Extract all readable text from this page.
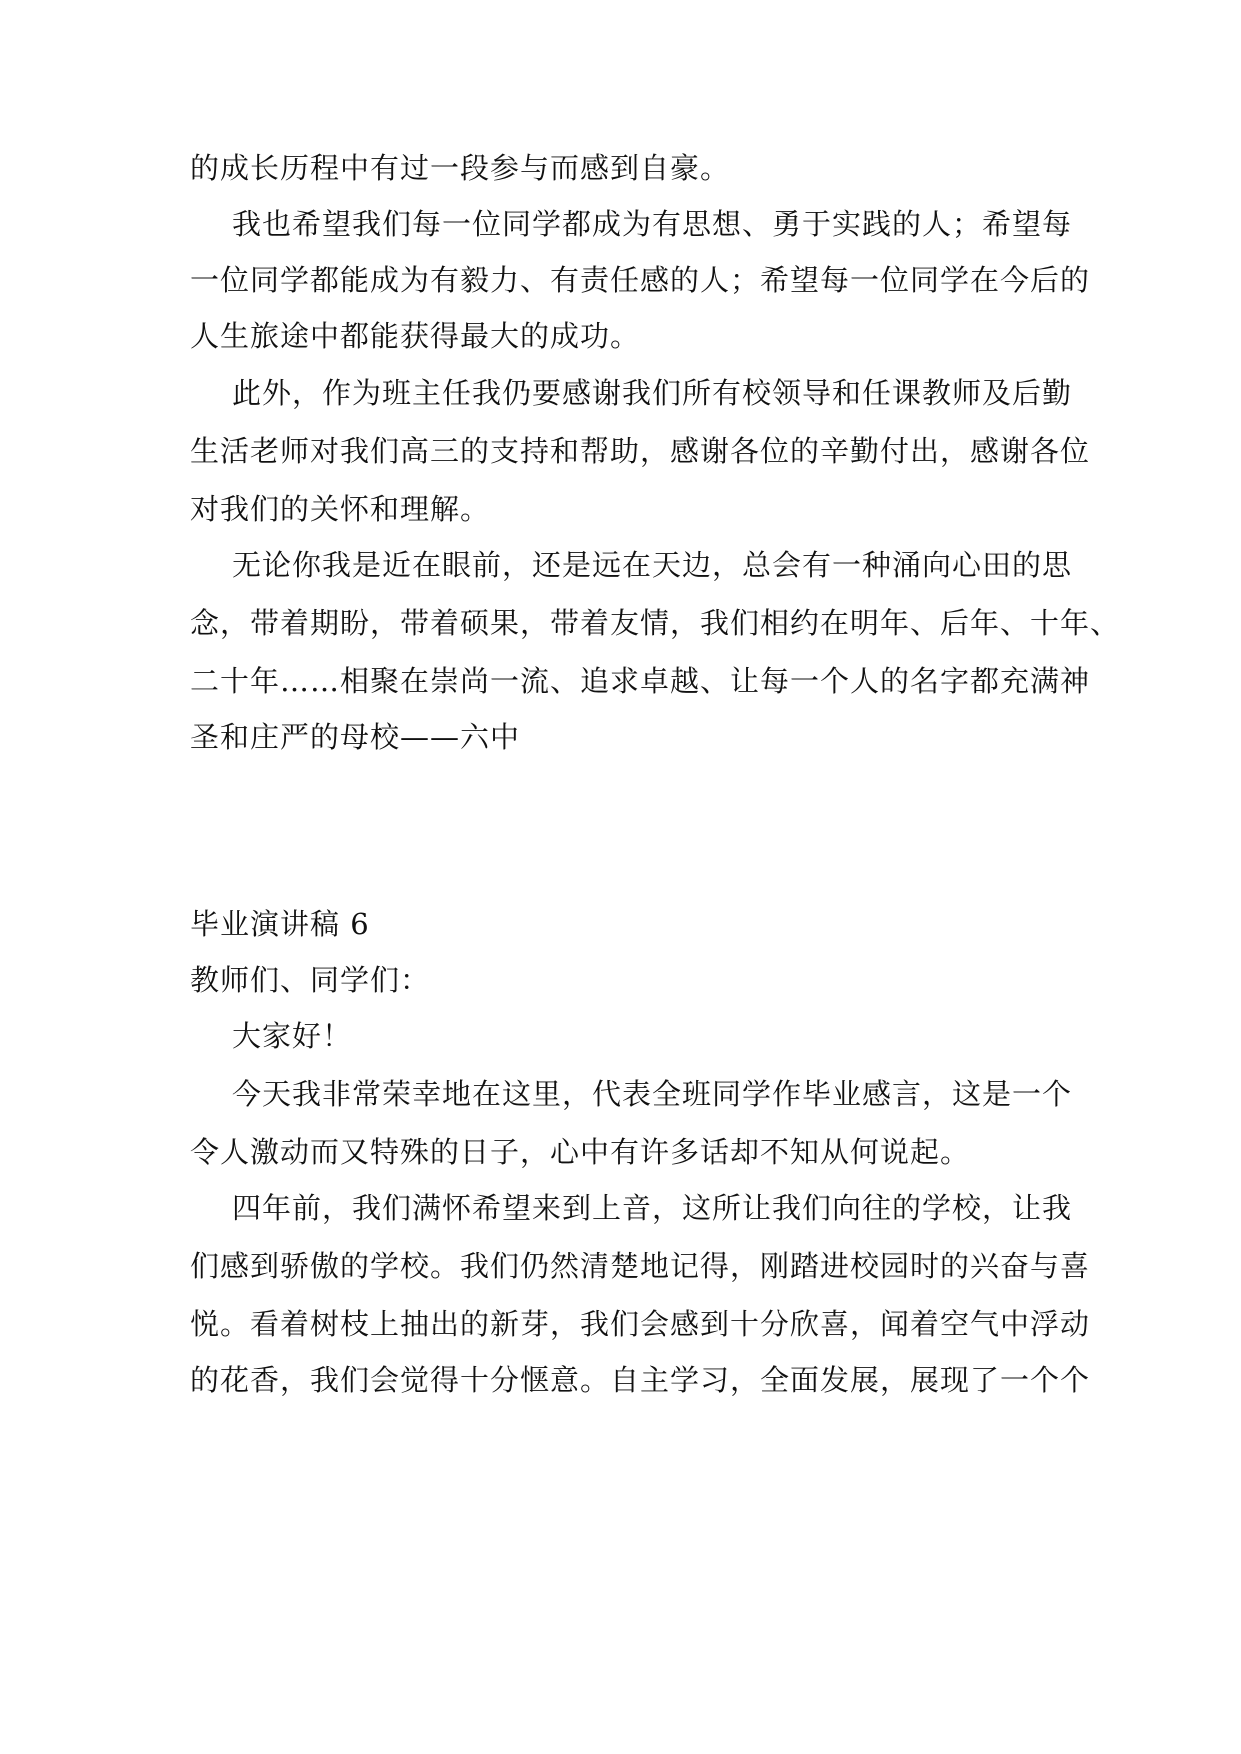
的成长历程中有过一段参与而感到自豪。
我也希望我们每一位同学都成为有思想、勇于实践的人；希望每
一位同学都能成为有毅力、有责任感的人；希望每一位同学在今后的
人生旅途中都能获得最大的成功。
此外，作为班主任我仍要感谢我们所有校领导和任课教师及后勤
生活老师对我们高三的支持和帮助，感谢各位的辛勤付出，感谢各位
对我们的关怀和理解。
无论你我是近在眼前，还是远在天边，总会有一种涌向心田的思
念，带着期盼，带着硕果，带着友情，我们相约在明年、后年、十年、
二十年……相聚在崇尚一流、追求卓越、让每一个人的名字都充满神
圣和庄严的母校——六中
毕业演讲稿 6
教师们、同学们：
大家好！
今天我非常荣幸地在这里，代表全班同学作毕业感言，这是一个
令人激动而又特殊的日子，心中有许多话却不知从何说起。
四年前，我们满怀希望来到上音，这所让我们向往的学校，让我
们感到骄傲的学校。我们仍然清楚地记得，刚踏进校园时的兴奋与喜
悦。看着树枝上抽出的新芽，我们会感到十分欣喜，闻着空气中浮动
的花香，我们会觉得十分惬意。自主学习，全面发展，展现了一个个
